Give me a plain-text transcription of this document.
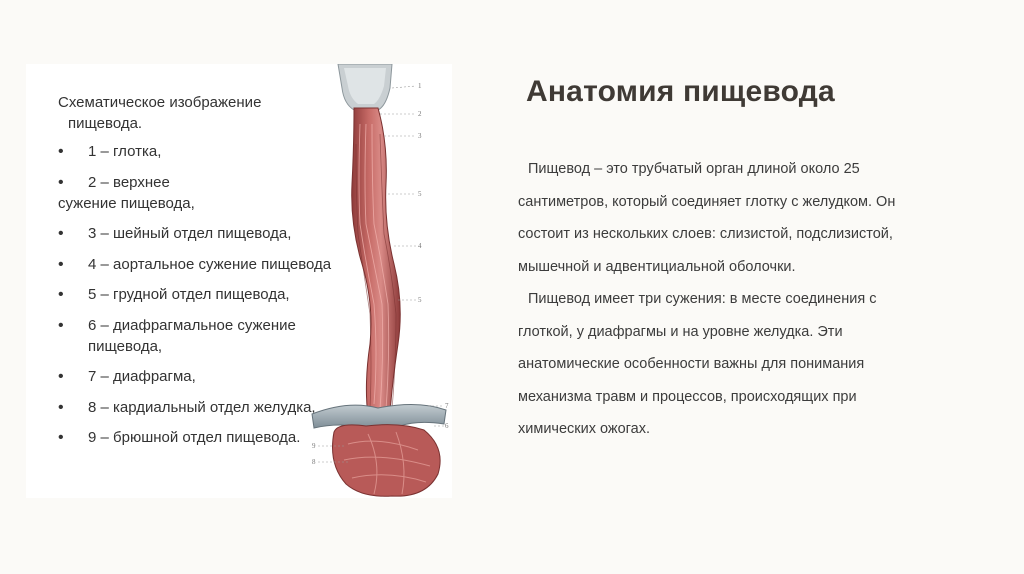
Схематическое изображение
пищевода.
• 1 – глотка,
• 2 – верхнее
сужение пищевода,
• 3 – шейный отдел пищевода,
• 4 – аортальное сужение пищевода
• 5 – грудной отдел пищевода,
• 6 – диафрагмальное сужение
пищевода,
• 7 – диафрагма,
• 8 – кардиальный отдел желудка,
• 9 – брюшной отдел пищевода.
1
2
3
5
4
5
7
6
9
8
Анатомия пищевода

Пищевод – это трубчатый орган длиной около 25 сантиметров, который соединяет глотку с желудком. Он состоит из нескольких слоев: слизистой, подслизистой, мышечной и адвентициальной оболочки.

Пищевод имеет три сужения: в месте соединения с глоткой, у диафрагмы и на уровне желудка. Эти анатомические особенности важны для понимания механизма травм и процессов, происходящих при химических ожогах.
